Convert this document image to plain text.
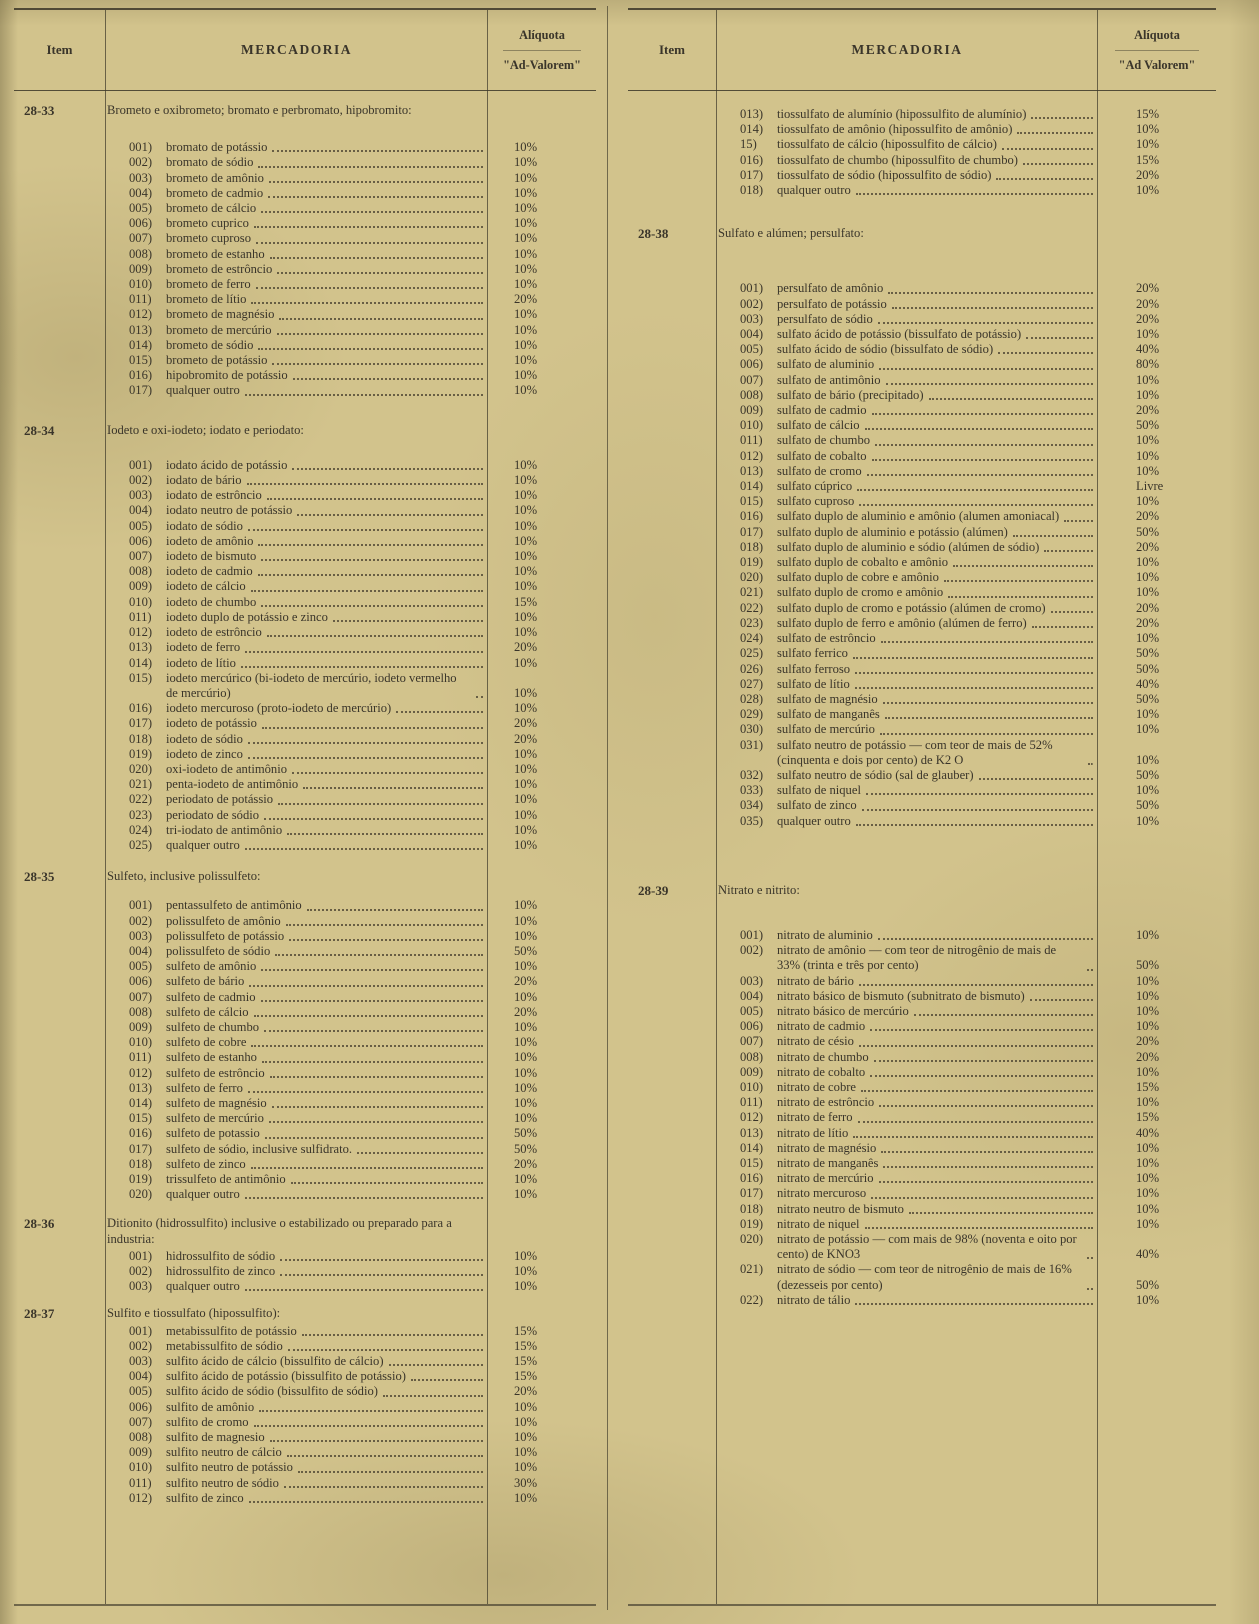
Item	MERCADORIA
Alíquota
"Ad-Valorem"
28-33	Brometo e oxibrometo; bromato e perbromato, hipobromito:
001)	bromato de potássio	10%
002)	bromato de sódio	10%
003)	brometo de amônio	10%
004)	brometo de cadmio	10%
005)	brometo de cálcio	10%
006)	brometo cuprico	10%
007)	brometo cuproso	10%
008)	brometo de estanho	10%
009)	brometo de estrôncio	10%
010)	brometo de ferro	10%
011)	brometo de lítio	20%
012)	brometo de magnésio	10%
013)	brometo de mercúrio	10%
014)	brometo de sódio	10%
015)	brometo de potássio	10%
016)	hipobromito de potássio	10%
017)	qualquer outro	10%
28-34	Iodeto e oxi-iodeto; iodato e periodato:
001)	iodato ácido de potássio	10%
002)	iodato de bário	10%
003)	iodato de estrôncio	10%
004)	iodato neutro de potássio	10%
005)	iodato de sódio	10%
006)	iodeto de amônio	10%
007)	iodeto de bismuto	10%
008)	iodeto de cadmio	10%
009)	iodeto de cálcio	10%
010)	iodeto de chumbo	15%
011)	iodeto duplo de potássio e zinco	10%
012)	iodeto de estrôncio	10%
013)	iodeto de ferro	20%
014)	iodeto de lítio	10%
015)	iodeto mercúrico (bi-iodeto de mercúrio, iodeto vermelho de mercúrio)	10%
016)	iodeto mercuroso (proto-iodeto de mercúrio)	10%
017)	iodeto de potássio	20%
018)	iodeto de sódio	20%
019)	iodeto de zinco	10%
020)	oxi-iodeto de antimônio	10%
021)	penta-iodeto de antimônio	10%
022)	periodato de potássio	10%
023)	periodato de sódio	10%
024)	tri-iodato de antimônio	10%
025)	qualquer outro	10%
28-35	Sulfeto, inclusive polissulfeto:
001)	pentassulfeto de antimônio	10%
002)	polissulfeto de amônio	10%
003)	polissulfeto de potássio	10%
004)	polissulfeto de sódio	50%
005)	sulfeto de amônio	10%
006)	sulfeto de bário	20%
007)	sulfeto de cadmio	10%
008)	sulfeto de cálcio	20%
009)	sulfeto de chumbo	10%
010)	sulfeto de cobre	10%
011)	sulfeto de estanho	10%
012)	sulfeto de estrôncio	10%
013)	sulfeto de ferro	10%
014)	sulfeto de magnésio	10%
015)	sulfeto de mercúrio	10%
016)	sulfeto de potassio	50%
017)	sulfeto de sódio, inclusive sulfidrato.	50%
018)	sulfeto de zinco	20%
019)	trissulfeto de antimônio	10%
020)	qualquer outro	10%
28-36	Ditionito (hidrossulfito) inclusive o estabilizado ou preparado para a industria:
001)	hidrossulfito de sódio	10%
002)	hidrossulfito de zinco	10%
003)	qualquer outro	10%
28-37	Sulfito e tiossulfato (hipossulfito):
001)	metabissulfito de potássio	15%
002)	metabissulfito de sódio	15%
003)	sulfito ácido de cálcio (bissulfito de cálcio)	15%
004)	sulfito ácido de potássio (bissulfito de potássio)	15%
005)	sulfito ácido de sódio (bissulfito de sódio)	20%
006)	sulfito de amônio	10%
007)	sulfito de cromo	10%
008)	sulfito de magnesio	10%
009)	sulfito neutro de cálcio	10%
010)	sulfito neutro de potássio	10%
011)	sulfito neutro de sódio	30%
012)	sulfito de zinco	10%
Item	MERCADORIA
Alíquota
"Ad Valorem"
013)	tiossulfato de alumínio (hipossulfito de alumínio)	15%
014)	tiossulfato de amônio (hipossulfito de amônio)	10%
15)	tiossulfato de cálcio (hipossulfito de cálcio)	10%
016)	tiossulfato de chumbo (hipossulfito de chumbo)	15%
017)	tiossulfato de sódio (hipossulfito de sódio)	20%
018)	qualquer outro	10%
28-38	Sulfato e alúmen; persulfato:
001)	persulfato de amônio	20%
002)	persulfato de potássio	20%
003)	persulfato de sódio	20%
004)	sulfato ácido de potássio (bissulfato de potássio)	10%
005)	sulfato ácido de sódio (bissulfato de sódio)	40%
006)	sulfato de aluminio	80%
007)	sulfato de antimônio	10%
008)	sulfato de bário (precipitado)	10%
009)	sulfato de cadmio	20%
010)	sulfato de cálcio	50%
011)	sulfato de chumbo	10%
012)	sulfato de cobalto	10%
013)	sulfato de cromo	10%
014)	sulfato cúprico	Livre
015)	sulfato cuproso	10%
016)	sulfato duplo de aluminio e amônio (alumen amoniacal)	20%
017)	sulfato duplo de aluminio e potássio (alúmen)	50%
018)	sulfato duplo de aluminio e sódio (alúmen de sódio)	20%
019)	sulfato duplo de cobalto e amônio	10%
020)	sulfato duplo de cobre e amônio	10%
021)	sulfato duplo de cromo e amônio	10%
022)	sulfato duplo de cromo e potássio (alúmen de cromo)	20%
023)	sulfato duplo de ferro e amônio (alúmen de ferro)	20%
024)	sulfato de estrôncio	10%
025)	sulfato ferrico	50%
026)	sulfato ferroso	50%
027)	sulfato de lítio	40%
028)	sulfato de magnésio	50%
029)	sulfato de manganês	10%
030)	sulfato de mercúrio	10%
031)	sulfato neutro de potássio — com teor de mais de 52% (cinquenta e dois por cento) de K2 O	10%
032)	sulfato neutro de sódio (sal de glauber)	50%
033)	sulfato de niquel	10%
034)	sulfato de zinco	50%
035)	qualquer outro	10%
28-39	Nitrato e nitrito:
001)	nitrato de aluminio	10%
002)	nitrato de amônio — com teor de nitrogênio de mais de 33% (trinta e três por cento)	50%
003)	nitrato de bário	10%
004)	nitrato básico de bismuto (subnitrato de bismuto)	10%
005)	nitrato básico de mercúrio	10%
006)	nitrato de cadmio	10%
007)	nitrato de césio	20%
008)	nitrato de chumbo	20%
009)	nitrato de cobalto	10%
010)	nitrato de cobre	15%
011)	nitrato de estrôncio	10%
012)	nitrato de ferro	15%
013)	nitrato de lítio	40%
014)	nitrato de magnésio	10%
015)	nitrato de manganês	10%
016)	nitrato de mercúrio	10%
017)	nitrato mercuroso	10%
018)	nitrato neutro de bismuto	10%
019)	nitrato de niquel	10%
020)	nitrato de potássio — com mais de 98% (noventa e oito por cento) de KNO3	40%
021)	nitrato de sódio — com teor de nitrogênio de mais de 16% (dezesseis por cento)	50%
022)	nitrato de tálio	10%
